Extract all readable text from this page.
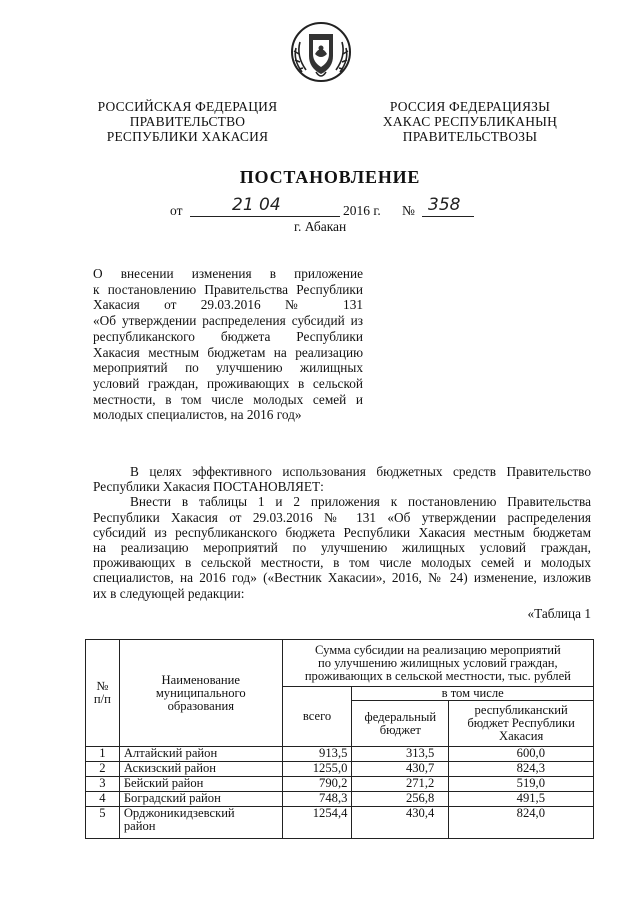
РОССИЙСКАЯ ФЕДЕРАЦИЯ
ПРАВИТЕЛЬСТВО
РЕСПУБЛИКИ ХАКАСИЯ
РОССИЯ ФЕДЕРАЦИЯЗЫ
ХАКАС РЕСПУБЛИКАНЫҢ
ПРАВИТЕЛЬСТВОЗЫ
ПОСТАНОВЛЕНИЕ
от	21 04	2016 г. № 358
г. Абакан
О внесении изменения в приложение
к постановлению Правительства Республики
Хакасия от 29.03.2016 № 131
«Об утверждении распределения субсидий из
республиканского бюджета Республики
Хакасия местным бюджетам на реализацию
мероприятий по улучшению жилищных
условий граждан, проживающих в сельской
местности, в том числе молодых семей и
молодых специалистов, на 2016 год»
В целях эффективного использования бюджетных средств Правительство
Республики Хакасия ПОСТАНОВЛЯЕТ:
Внести в таблицы 1 и 2 приложения к постановлению Правительства
Республики Хакасия от 29.03.2016 № 131 «Об утверждении распределения
субсидий из республиканского бюджета Республики Хакасия местным бюджетам
на реализацию мероприятий по улучшению жилищных условий граждан,
проживающих в сельской местности, в том числе молодых семей и молодых
специалистов, на 2016 год» («Вестник Хакасии», 2016, № 24) изменение, изложив
их в следующей редакции:
«Таблица 1
№ п/п	Наименование муниципального образования	Сумма субсидии на реализацию мероприятий
по улучшению жилищных условий граждан,
проживающих в сельской местности, тыс. рублей		

		всего	в том числе	
			федеральный бюджет	республиканский бюджет Республики Хакасия
1	Алтайский район	913,5	313,5	600,0
2	Аскизский район	1255,0	430,7	824,3
3	Бейский район	790,2	271,2	519,0
4	Боградский район	748,3	256,8	491,5
5	Орджоникидзевский район	1254,4	430,4	824,0
